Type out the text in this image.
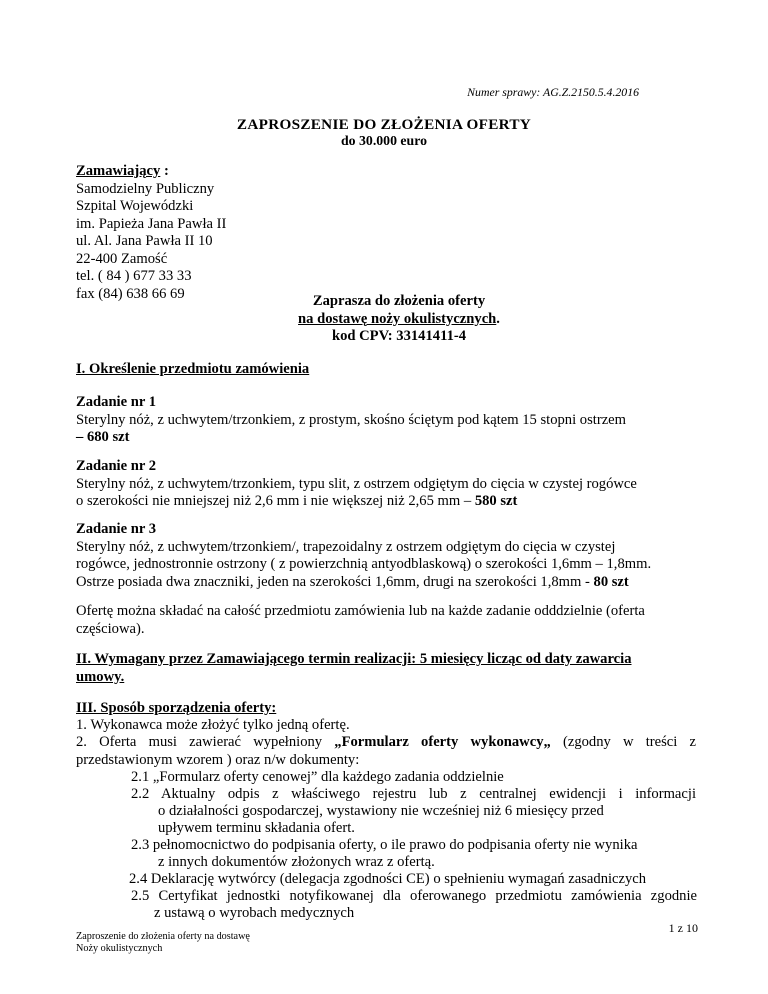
Numer sprawy: AG.Z.2150.5.4.2016
ZAPROSZENIE DO ZŁOŻENIA OFERTY
do 30.000 euro
Zamawiający :
Samodzielny Publiczny
Szpital Wojewódzki
im. Papieża Jana Pawła II
ul. Al. Jana Pawła II 10
22-400 Zamość
tel. ( 84 ) 677 33 33
fax (84) 638 66 69	Zaprasza do złożenia oferty
na dostawę noży okulistycznych.
kod CPV: 33141411-4
I. Określenie przedmiotu zamówienia
Zadanie nr 1
Sterylny nóż, z uchwytem/trzonkiem, z prostym, skośno ściętym pod kątem 15 stopni ostrzem
– 680 szt
Zadanie nr 2
Sterylny nóż, z uchwytem/trzonkiem, typu slit, z ostrzem odgiętym do cięcia w czystej rogówce
o szerokości nie mniejszej niż 2,6 mm i nie większej niż 2,65 mm – 580 szt
Zadanie nr 3
Sterylny nóż, z uchwytem/trzonkiem/, trapezoidalny z ostrzem odgiętym do cięcia w czystej
rogówce, jednostronnie ostrzony ( z powierzchnią antyodblaskową) o szerokości 1,6mm – 1,8mm.
Ostrze posiada dwa znaczniki, jeden na szerokości 1,6mm, drugi na szerokości 1,8mm - 80 szt
Ofertę można składać na całość przedmiotu zamówienia lub na każde zadanie odddzielnie (oferta
częściowa).
II. Wymagany przez Zamawiającego termin realizacji: 5 miesięcy licząc od daty zawarcia
umowy.
III. Sposób sporządzenia oferty:
1. Wykonawca może złożyć tylko jedną ofertę.
2. Oferta musi zawierać wypełniony „Formularz oferty wykonawcy„ (zgodny w treści z
przedstawionym wzorem ) oraz n/w dokumenty:
2.1 „Formularz oferty cenowej” dla każdego zadania oddzielnie
2.2 Aktualny odpis z właściwego rejestru lub z centralnej ewidencji i informacji
o działalności gospodarczej, wystawiony nie wcześniej niż 6 miesięcy przed
upływem terminu składania ofert.
2.3 pełnomocnictwo do podpisania oferty, o ile prawo do podpisania oferty nie wynika
z innych dokumentów złożonych wraz z ofertą.
2.4 Deklarację wytwórcy (delegacja zgodności CE) o spełnieniu wymagań zasadniczych
2.5 Certyfikat jednostki notyfikowanej dla oferowanego przedmiotu zamówienia zgodnie
z ustawą o wyrobach medycznych
1 z 10
Zaproszenie do złożenia oferty na dostawę
Noży okulistycznych
